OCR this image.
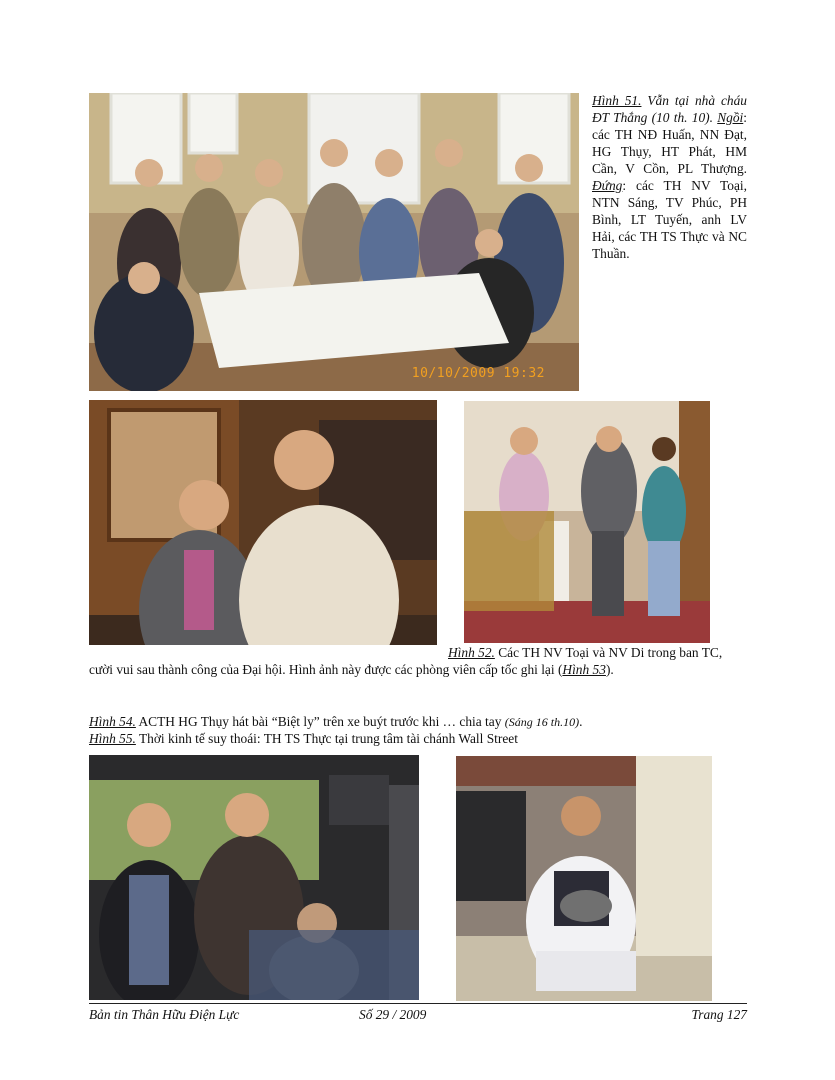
10/10/2009 19:32
Hình 51. Vẫn tại nhà cháu ĐT Thắng (10 th. 10). Ngồi: các TH NĐ Huấn, NN Đạt, HG Thụy, HT Phát, HM Cần, V Cồn, PL Thượng. Đứng: các TH NV Toại, NTN Sáng, TV Phúc, PH Bình, LT Tuyến, anh LV Hải, các TH TS Thực và NC Thuần.
Hình 52. Các TH NV Toại và NV Di trong ban TC, cười vui sau thành công của Đại hội. Hình ảnh này được các phòng viên cấp tốc ghi lại (Hình 53).
Hình 54. ACTH HG Thụy hát bài “Biệt ly” trên xe buýt trước khi … chia tay (Sáng 16 th.10).
Hình 55. Thời kinh tế suy thoái: TH TS Thực tại trung tâm tài chánh Wall Street
Bản tin Thân Hữu Điện Lực	Số 29 / 2009	Trang 127
